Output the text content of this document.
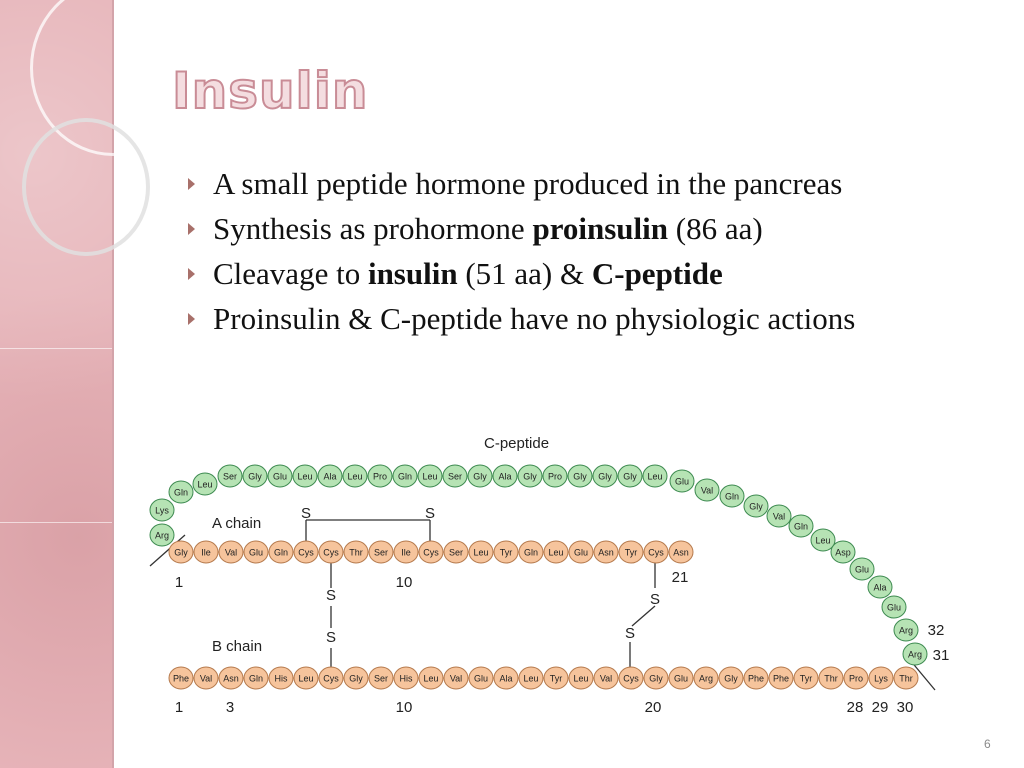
Insulin
A small peptide hormone produced in the pancreas
Synthesis as prohormone proinsulin (86 aa)
Cleavage to insulin (51 aa) & C-peptide
Proinsulin & C-peptide have no physiologic actions
S	S
S
S
S
S
C-peptide
A chain
B chain
Gly Ile Val Glu Gln Cys Cys Thr Ser Ile Cys Ser Leu Tyr Gln Leu Glu Asn Tyr Cys Asn
Phe Val Asn Gln His Leu Cys Gly Ser His Leu Val Glu Ala Leu Tyr Leu Val Cys Gly Glu Arg Gly Phe Phe Tyr Thr Pro Lys Thr
Ser Gly Glu Leu Ala Leu Pro Gln Leu Ser Gly Ala Gly Pro Gly Gly Gly Leu
Arg
Lys
Gln
Leu	Glu
Val
Gln
Gly
Val
Gln
Leu
Asp
Glu
Ala
Glu
Arg
Arg
1	10	21
1	3	10	20	28 29 30
32
31
6
